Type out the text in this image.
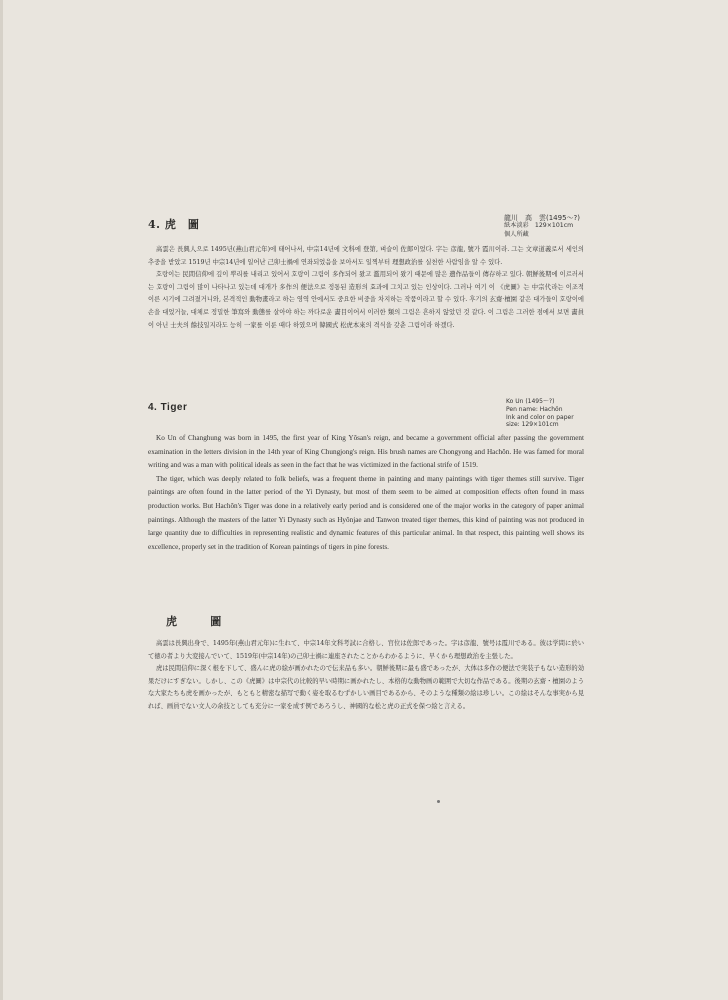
4. 虎　圖	龍川　高　雲(1495～?)
紙本淡彩　129×101cm
個人所藏

高雲은 長興人으로 1495년(燕山君元年)에 태어나서, 中宗14년에 文科에 登第, 벼슬이 佐郞이었다. 字는 彦龍, 號가 霞川이라. 그는 文章道義로서 세인의 추중을 받았고 1519년 中宗14년에 일어난 己卯士禍에 연좌되었음을 보아서도 일찍부터 理想政治를 실천한 사람임을 알 수 있다.

호랑이는 民間信仰에 깊이 뿌리를 내리고 있어서 호랑이 그림이 多作되어 왔고 濫用되어 왔기 때문에 많은 遺作品들이 傳存하고 있다. 朝鮮後期에 이르러서는 호랑이 그림이 많이 나타나고 있는데 대개가 多作의 便法으로 정통된 造形의 효과에 그치고 있는 인상이다. 그러나 여기 이 《虎圖》는 中宗代라는 이조적 이른 시기에 그려졌거니와, 본격적인 動物畫라고 하는 영역 안에서도 중요한 비중을 차지하는 작품이라고 할 수 있다. 후기의 玄齋·檀園 같은 대가들이 호랑이에 손을 대었거늘, 대체로 정밀한 筆寫와 動態를 살아야 하는 까다로운 畵目이어서 이러한 類의 그림은 흔하지 않았던 것 같다. 이 그림은 그러한 점에서 보면 畵員이 아닌 士夫의 餘技일지라도 능히 一家를 이룬 때다 하였으며 韓國式 松虎本來의 격식을 갖춘 그림이라 하겠다.

4. Tiger
Ko Un (1495～?)
Pen name: Hachön
Ink and color on paper
size: 129×101cm

Ko Un of Changhung was born in 1495, the first year of King Yŏsan's reign, and became a government official after passing the government examination in the letters division in the 14th year of King Chungjong's reign. His brush names are Chongyong and Hachŏn. He was famed for moral writing and was a man with political ideals as seen in the fact that he was victimized in the factional strife of 1519.

The tiger, which was deeply related to folk beliefs, was a frequent theme in painting and many paintings with tiger themes still survive. Tiger paintings are often found in the latter period of the Yi Dynasty, but most of them seem to be aimed at composition effects often found in mass production works. But Hachŏn's Tiger was done in a relatively early period and is considered one of the major works in the category of paper animal paintings. Although the masters of the latter Yi Dynasty such as Hyŏnjae and Tanwon treated tiger themes, this kind of painting was not produced in large quantity due to difficulties in representing realistic and dynamic features of this particular animal. In that respect, this painting well shows its excellence, properly set in the tradition of Korean paintings of tigers in pine forests.

虎	圖

高雲は長興出身で、1495年(燕山君元年)に生れて、中宗14年文科考試に合格し、官位は佐郎であった。字は彦龍、號号は霞川である。彼は学問に於いて徳の者より大変接んでいて、1519年(中宗14年)の己卯士禍に連座されたことからわかるように、早くから理想政治を主張した。

虎は民間信仰に深く根を下して、盛んに虎の絵が画かれたので伝来品も多い。朝鮮後期に最も盛であったが、大体は多作の便法で実装子もない造形的効果だけにすぎない。しかし、この《虎圖》は中宗代の比較的早い時期に画かれたし、本格的な動物画の範囲で大切な作品である。後期の玄齋・檀園のような大家たちも虎を画かったが、もともと精密な描写で動く姿を取るむずかしい画目であるから、そのような種類の絵は珍しい。この絵はそんな事実から見れば、画員でない文人の余技としても充分に一家を成す例であろうし、神國的な松と虎の正式を保つ絵と言える。
